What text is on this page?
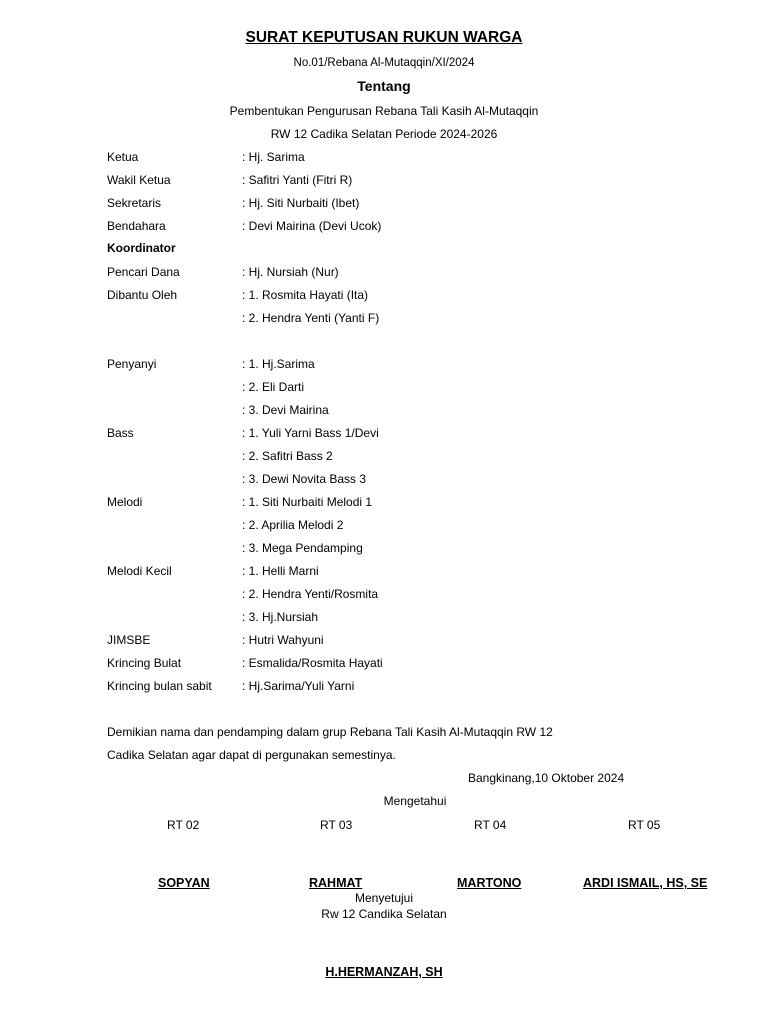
SURAT KEPUTUSAN RUKUN WARGA
No.01/Rebana Al-Mutaqqin/XI/2024
Tentang
Pembentukan Pengurusan Rebana Tali Kasih Al-Mutaqqin
RW 12 Cadika Selatan Periode 2024-2026
Ketua	: Hj. Sarima
Wakil Ketua	: Safitri Yanti (Fitri R)
Sekretaris	: Hj. Siti Nurbaiti (Ibet)
Bendahara	: Devi Mairina (Devi Ucok)
Koordinator
Pencari Dana	: Hj. Nursiah (Nur)
Dibantu Oleh	: 1. Rosmita Hayati (Ita)
: 2. Hendra Yenti (Yanti F)
Penyanyi	: 1. Hj.Sarima
: 2. Eli Darti
: 3. Devi Mairina
Bass	: 1. Yuli Yarni Bass 1/Devi
: 2. Safitri Bass 2
: 3. Dewi Novita Bass 3
Melodi	: 1. Siti Nurbaiti Melodi 1
: 2. Aprilia Melodi 2
: 3. Mega Pendamping
Melodi Kecil	: 1. Helli Marni
: 2. Hendra Yenti/Rosmita
: 3. Hj.Nursiah
JIMSBE	: Hutri Wahyuni
Krincing Bulat	: Esmalida/Rosmita Hayati
Krincing bulan sabit	: Hj.Sarima/Yuli Yarni
Demikian nama dan pendamping dalam grup Rebana Tali Kasih Al-Mutaqqin RW 12
Cadika Selatan agar dapat di pergunakan semestinya.
Bangkinang,10 Oktober 2024
Mengetahui
RT 02	RT 03	RT 04	RT 05
SOPYAN	RAHMAT	MARTONO	ARDI ISMAIL, HS, SE
Menyetujui
Rw 12 Candika Selatan
H.HERMANZAH, SH
